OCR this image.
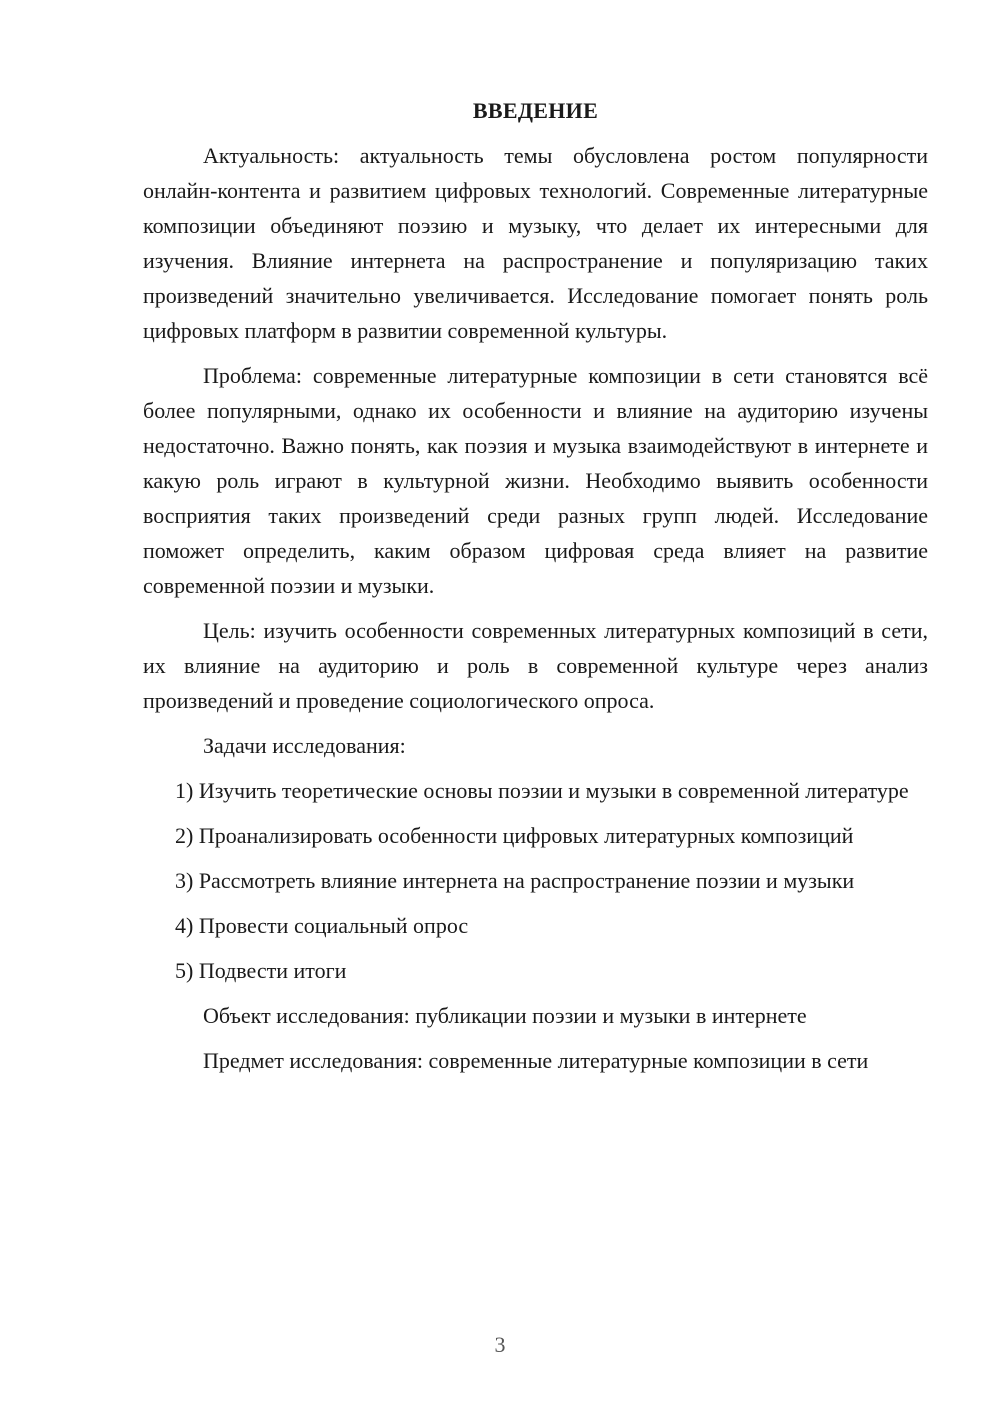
ВВЕДЕНИЕ

Актуальность: актуальность темы обусловлена ростом популярности онлайн-контента и развитием цифровых технологий. Современные литературные композиции объединяют поэзию и музыку, что делает их интересными для изучения. Влияние интернета на распространение и популяризацию таких произведений значительно увеличивается. Исследование помогает понять роль цифровых платформ в развитии современной культуры.

Проблема: современные литературные композиции в сети становятся всё более популярными, однако их особенности и влияние на аудиторию изучены недостаточно. Важно понять, как поэзия и музыка взаимодействуют в интернете и какую роль играют в культурной жизни. Необходимо выявить особенности восприятия таких произведений среди разных групп людей. Исследование поможет определить, каким образом цифровая среда влияет на развитие современной поэзии и музыки.

Цель: изучить особенности современных литературных композиций в сети, их влияние на аудиторию и роль в современной культуре через анализ произведений и проведение социологического опроса.

Задачи исследования:

1) Изучить теоретические основы поэзии и музыки в современной литературе

2) Проанализировать особенности цифровых литературных композиций

3) Рассмотреть влияние интернета на распространение поэзии и музыки

4) Провести социальный опрос

5) Подвести итоги

Объект исследования: публикации поэзии и музыки в интернете

Предмет исследования: современные литературные композиции в сети

3
